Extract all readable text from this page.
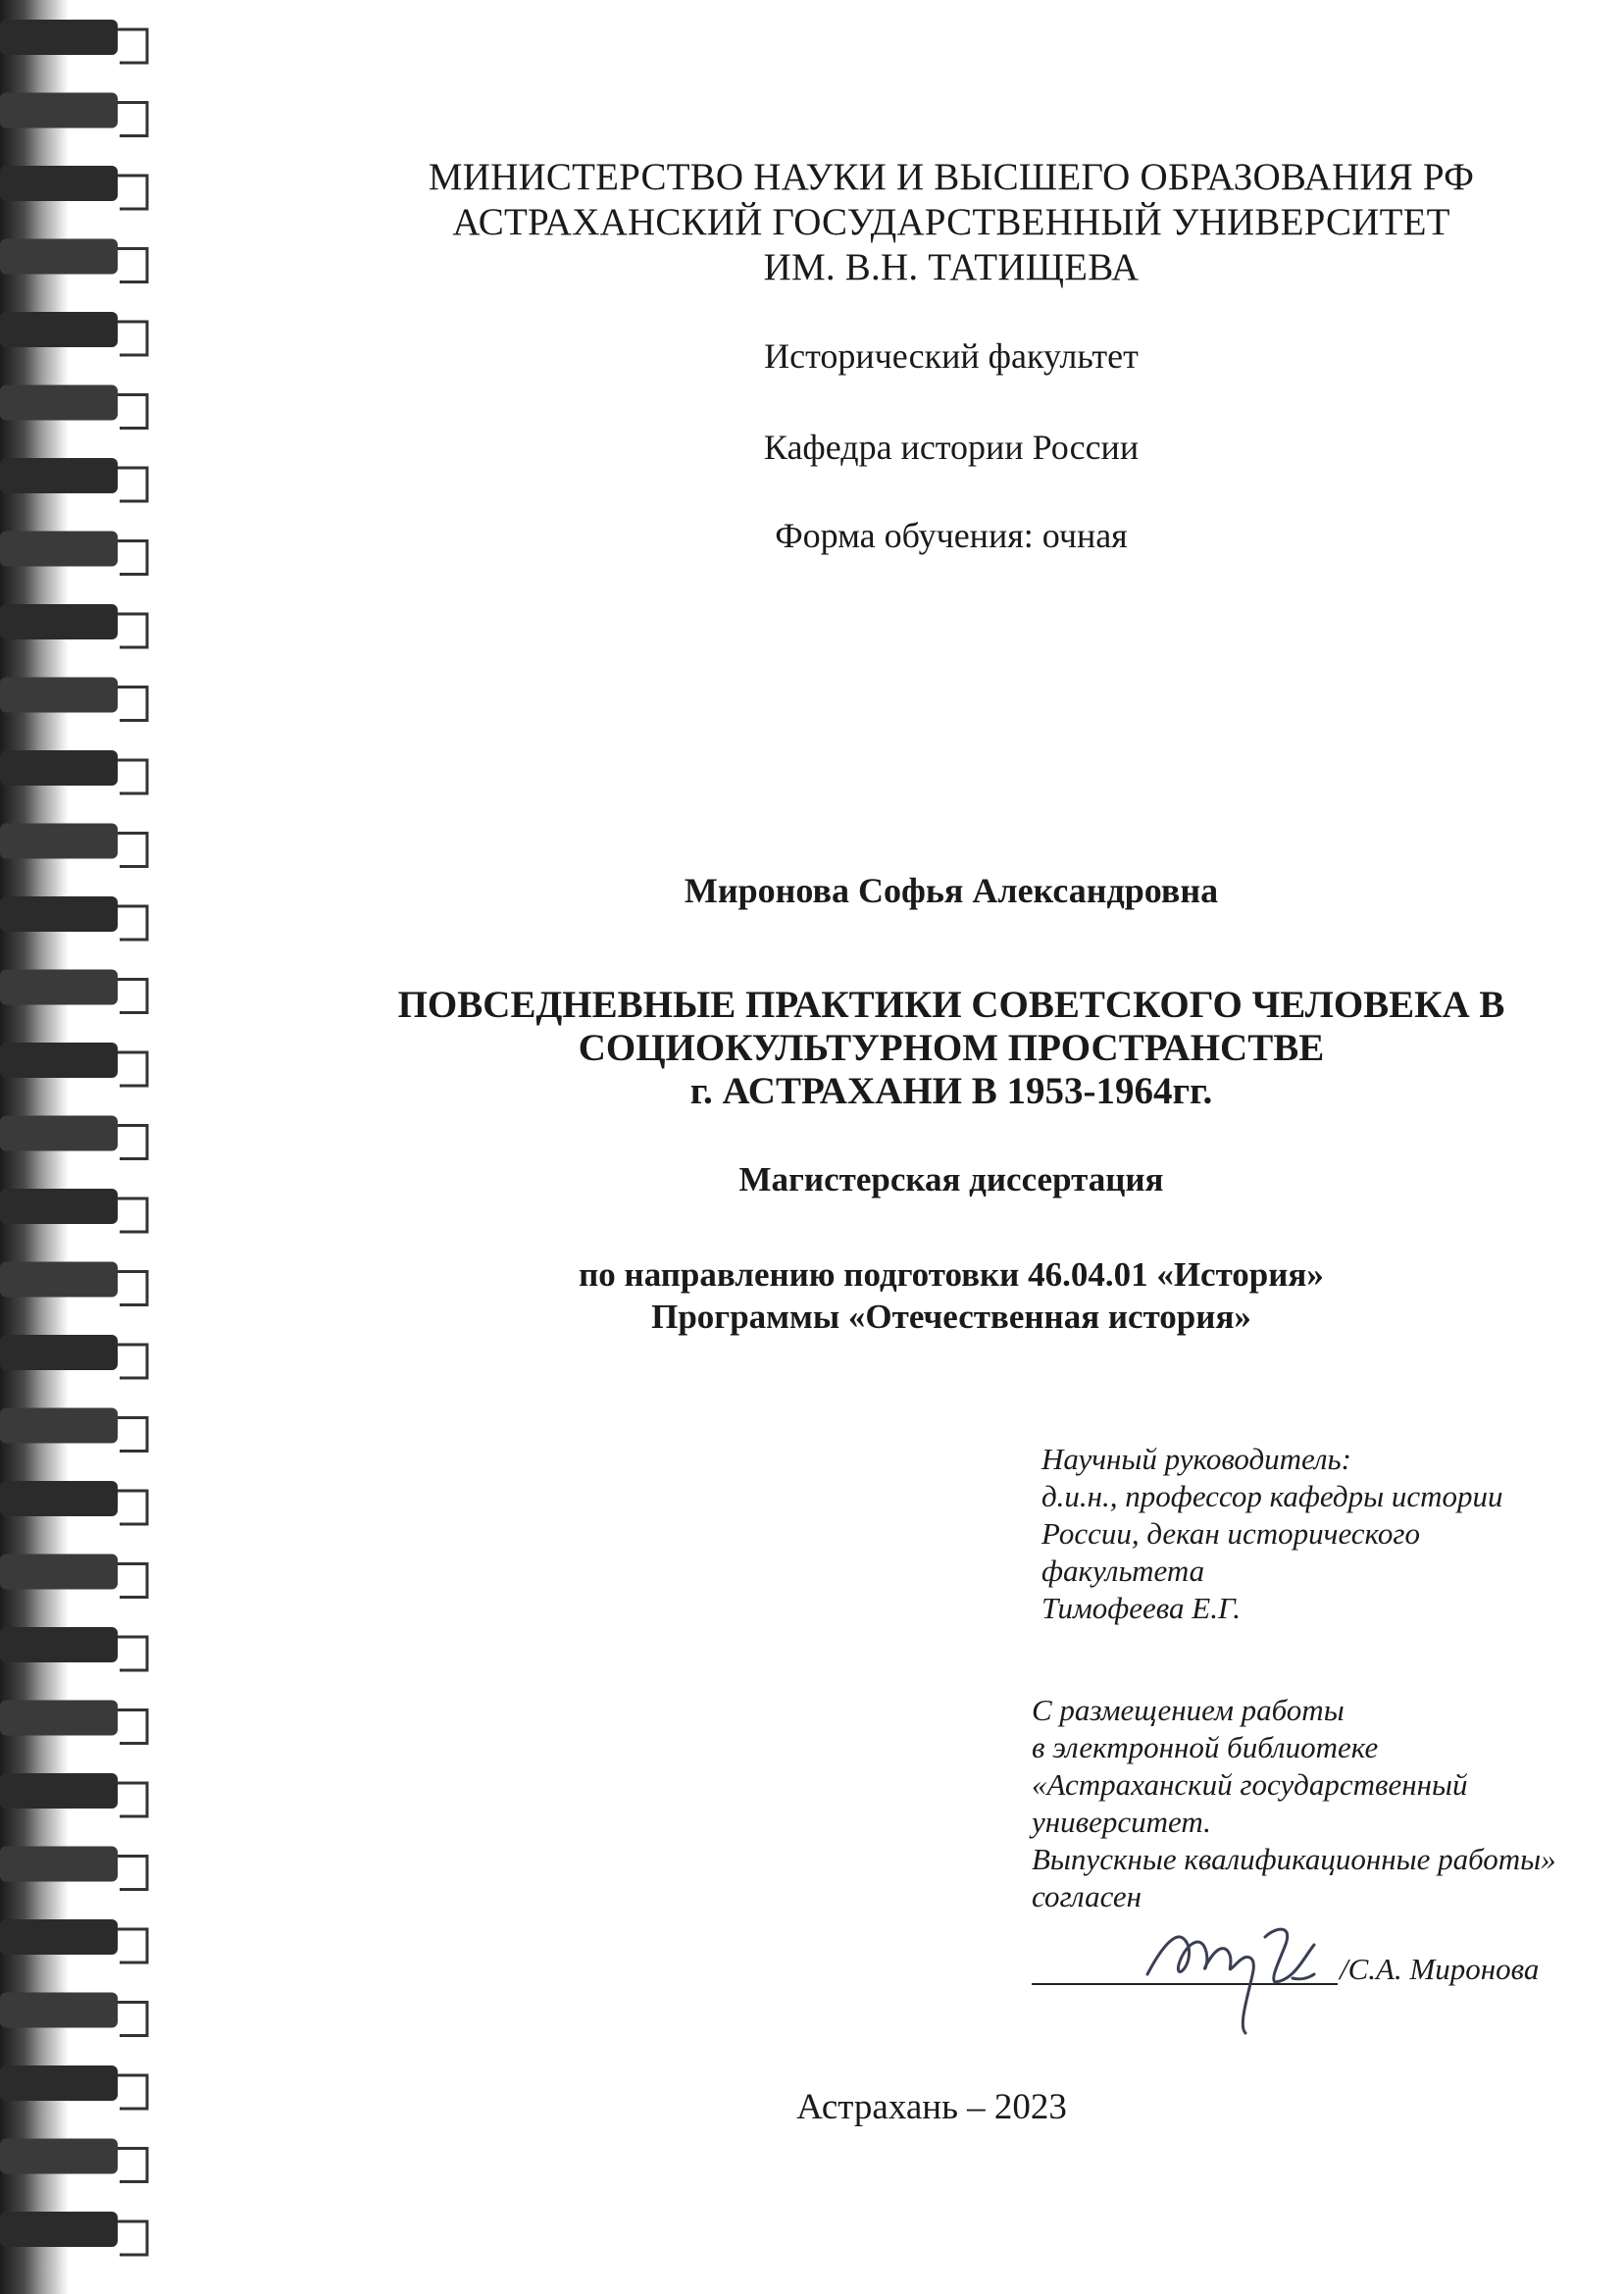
МИНИСТЕРСТВО НАУКИ И ВЫСШЕГО ОБРАЗОВАНИЯ РФ
АСТРАХАНСКИЙ ГОСУДАРСТВЕННЫЙ УНИВЕРСИТЕТ
ИМ. В.Н. ТАТИЩЕВА
Исторический факультет
Кафедра истории России
Форма обучения: очная
Миронова Софья Александровна
ПОВСЕДНЕВНЫЕ ПРАКТИКИ СОВЕТСКОГО ЧЕЛОВЕКА В
СОЦИОКУЛЬТУРНОМ ПРОСТРАНСТВЕ
г. АСТРАХАНИ В 1953-1964гг.
Магистерская диссертация
по направлению подготовки 46.04.01 «История»
Программы «Отечественная история»
Научный руководитель:
д.и.н., профессор кафедры истории
России, декан исторического
факультета
Тимофеева Е.Г.
С размещением работы
в электронной библиотеке
«Астраханский государственный
университет.
Выпускные квалификационные работы»
согласен
/С.А. Миронова
Астрахань – 2023
